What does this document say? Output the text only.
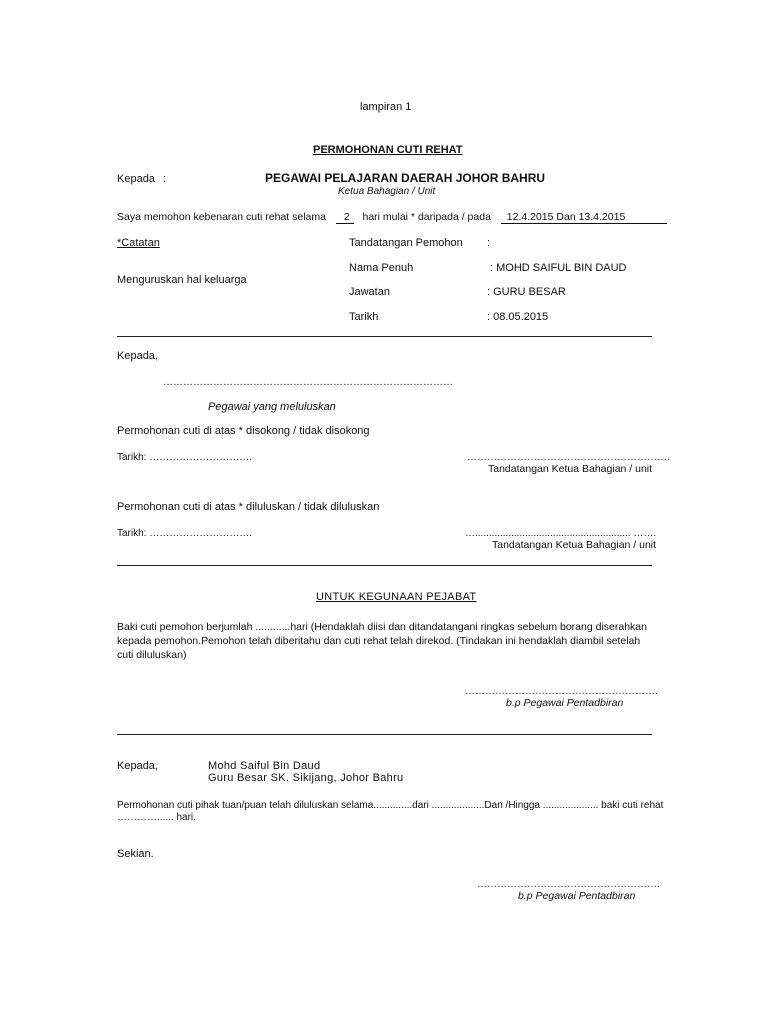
lampiran 1
PERMOHONAN CUTI REHAT
Kepada :	PEGAWAI PELAJARAN DAERAH JOHOR BAHRU
Ketua Bahagian / Unit
Saya memohon kebenaran cuti rehat selama 2 hari mulai * daripada / pada 12.4.2015 Dan 13.4.2015
*Catatan
Menguruskan hal keluarga
Tandatangan Pemohon :
Nama Penuh	: MOHD SAIFUL BIN DAUD
Jawatan	: GURU BESAR
Tarikh	: 08.05.2015
Kepada,
……………………………………………………………………………
Pegawai yang meluluskan
Permohonan cuti di atas * disokong / tidak disokong
Tarikh: ………………………….	…………………………………………………….
Tandatangan Ketua Bahagian / unit
Permohonan cuti di atas * diluluskan / tidak diluluskan
Tarikh: ………………………….	…........................................................ …….
Tandatangan Ketua Bahagian / unit
UNTUK KEGUNAAN PEJABAT
Baki cuti pemohon berjumlah ............hari (Hendaklah diisi dan ditandatangani ringkas sebelum borang diserahkan kepada pemohon.Pemohon telah diberitahu dan cuti rehat telah direkod. (Tindakan ini hendaklah diambil setelah cuti diluluskan)
………………………………………………….
b.p Pegawai Pentadbiran
Kepada,	Mohd Saiful Bin Daud
Guru Besar SK. Sikijang, Johor Bahru
Permohonan cuti pihak tuan/puan telah diluluskan selama..............dari ...................Dan /Hingga .................... baki cuti rehat
…………...... hari.
Sekian.
……………………………………………….
b.p Pegawai Pentadbiran
